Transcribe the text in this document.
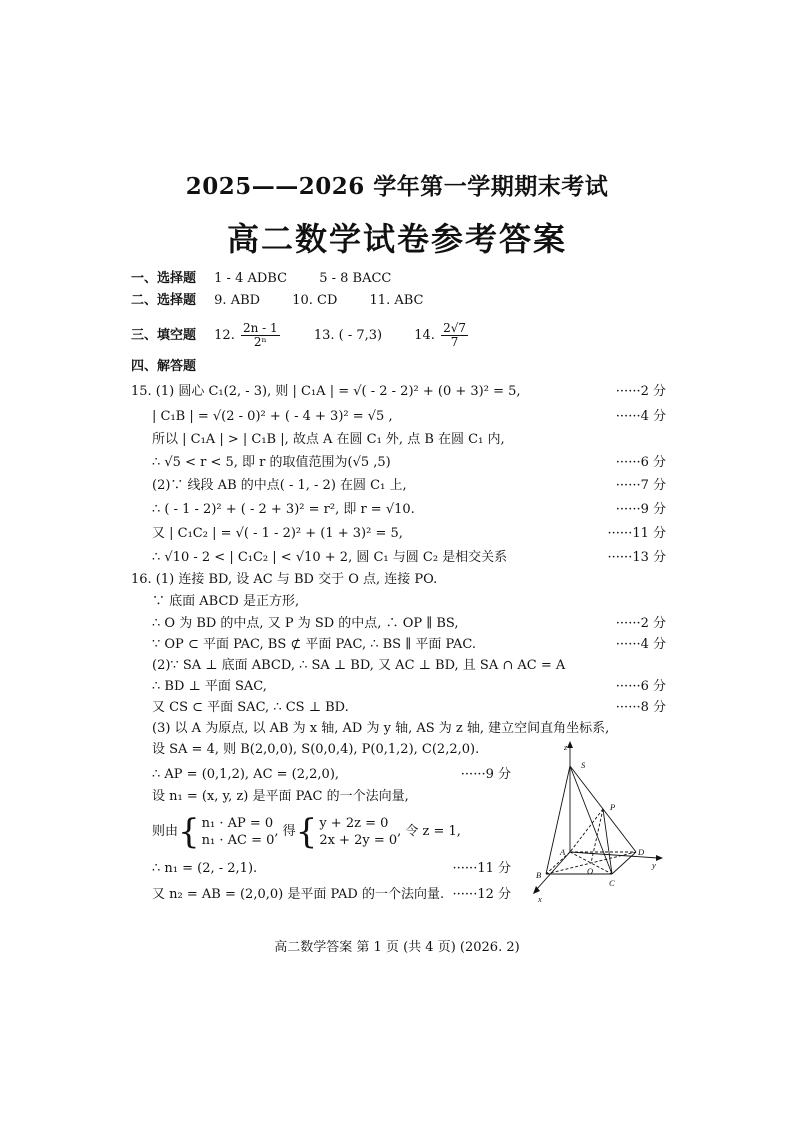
2025——2026 学年第一学期期末考试
高二数学试卷参考答案
一、选择题 1 - 4 ADBC 5 - 8 BACC
二、选择题 9. ABD 10. CD 11. ABC
三、填空题 12. $\frac{2n - 1}{\text{2ⁿ}}$	13. ( - 7,3) 14. $\frac{2√7}{7}$
四、解答题
15. (1) 圆心 C₁(2, - 3), 则 | C₁A | = √( - 2 - 2)² + (0 + 3)² = 5,	······2 分
| C₁B | = √(2 - 0)² + ( - 4 + 3)² = √5 ,	······4 分
所以 | C₁A | > | C₁B |, 故点 A 在圆 C₁ 外, 点 B 在圆 C₁ 内,
∴ √5 < r < 5, 即 r 的取值范围为(√5 ,5)	······6 分
(2)∵ 线段 AB 的中点( - 1, - 2) 在圆 C₁ 上,	······7 分
∴ ( - 1 - 2)² + ( - 2 + 3)² = r², 即 r = √10.	······9 分
又 | C₁C₂ | = √( - 1 - 2)² + (1 + 3)² = 5,	······11 分
∴ √10 - 2 < | C₁C₂ | < √10 + 2, 圆 C₁ 与圆 C₂ 是相交关系	······13 分
16. (1) 连接 BD, 设 AC 与 BD 交于 O 点, 连接 PO.
∵ 底面 ABCD 是正方形,
∴ O 为 BD 的中点, 又 P 为 SD 的中点, ∴ OP ∥ BS,	······2 分
∵ OP ⊂ 平面 PAC, BS ⊄ 平面 PAC, ∴ BS ∥ 平面 PAC.	······4 分
(2)∵ SA ⊥ 底面 ABCD, ∴ SA ⊥ BD, 又 AC ⊥ BD, 且 SA ∩ AC = A
∴ BD ⊥ 平面 SAC,	······6 分
又 CS ⊂ 平面 SAC, ∴ CS ⊥ BD.	······8 分
(3) 以 A 为原点, 以 AB 为 x 轴, AD 为 y 轴, AS 为 z 轴, 建立空间直角坐标系,
设 SA = 4, 则 B(2,0,0), S(0,0,4), P(0,1,2), C(2,2,0).
∴ AP = (0,1,2), AC = (2,2,0),	······9 分
设 n₁ = (x, y, z) 是平面 PAC 的一个法向量,
则由{ n₁ · AP = 0
n₁ · AC = 0, 得{ y + 2z = 0
2x + 2y = 0, 令 z = 1,
∴ n₁ = (2, - 2,1).	······11 分
又 n₂ = AB = (2,0,0) 是平面 PAD 的一个法向量. ······12 分
z
y
x
S
P
A	D
B	O
C
高二数学答案 第 1 页 (共 4 页) (2026. 2)
